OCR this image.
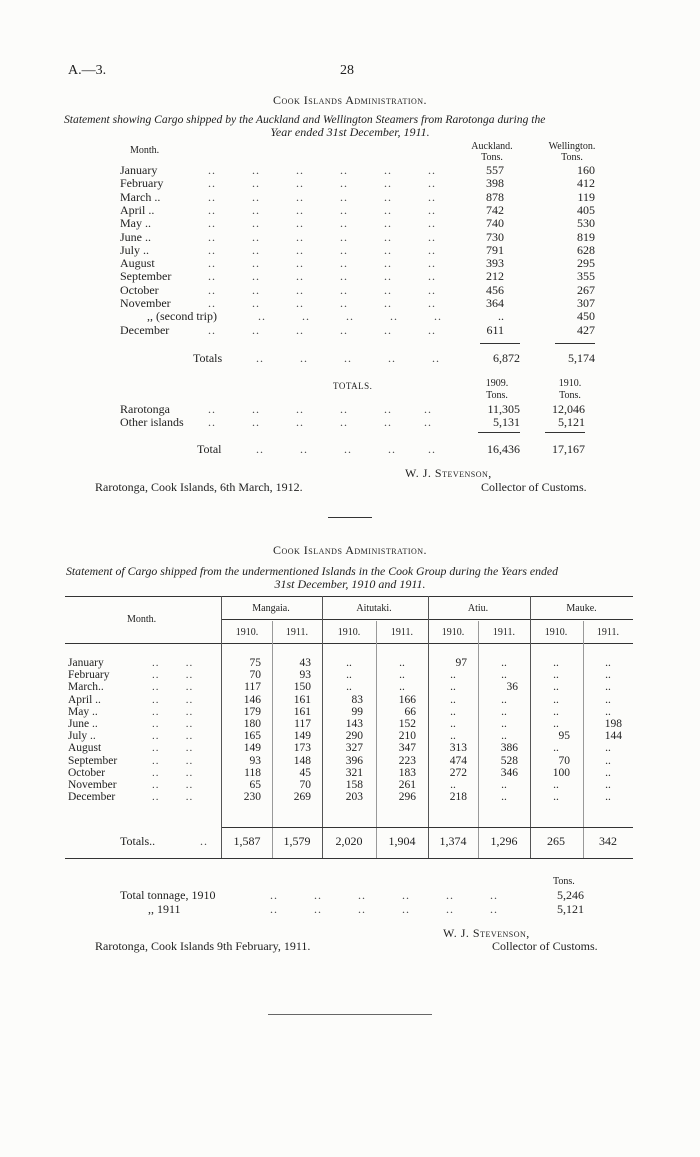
A.—3.	28
Cook Islands Administration.
Statement showing Cargo shipped by the Auckland and Wellington Steamers from Rarotonga during the
Year ended 31st December, 1911.
Month.	Auckland.
Tons.
Wellington.
Tons.
January	..         ..         ..         ..         ..         ..	557	160
February	..         ..         ..         ..         ..         ..	398	412
March ..	..         ..         ..         ..         ..         ..	878	119
April ..	..         ..         ..         ..         ..         ..	742	405
May ..	..         ..         ..         ..         ..         ..	740	530
June ..	..         ..         ..         ..         ..         ..	730	819
July ..	..         ..         ..         ..         ..         ..	791	628
August	..         ..         ..         ..         ..         ..	393	295
September	..         ..         ..         ..         ..         ..	212	355
October	..         ..         ..         ..         ..         ..	456	267
November	..         ..         ..         ..         ..         ..	364	307
,, (second trip)	..         ..         ..         ..         ..	..	450
December	..         ..         ..         ..         ..         ..	611	427
Totals	..         ..         ..         ..         ..	6,872	5,174
TOTALS.	1909.
Tons.
1910.
Tons.
Rarotonga	..         ..         ..         ..         ..        ..	11,305	12,046
Other islands ..         ..         ..         ..         ..        ..	5,131	5,121
Total	..         ..         ..         ..        ..	16,436	17,167
W. J. Stevenson,
Rarotonga, Cook Islands, 6th March, 1912.	Collector of Customs.
Cook Islands Administration.
Statement of Cargo shipped from the undermentioned Islands in the Cook Group during the Years ended
31st December, 1910 and 1911.
Month.
Mangaia.	Aitutaki.	Atiu.	Mauke.
1910.	1911.	1910.	1911.	1910.	1911.	1910.	1911.
January	..       ..	75	43	..	..	97	..	..	..
February	..       ..	70	93	..	..	..	..	..	..
March..	..       ..	117	150	..	..	..	36	..	..
April ..	..       ..	146	161	83	166	..	..	..	..
May ..	..       ..	179	161	99	66	..	..	..	..
June ..	..       ..	180	117	143	152	..	..	..	198
July ..	..       ..	165	149	290	210	..	..	95	144
August	..       ..	149	173	327	347	313	386	..	..
September	..       ..	93	148	396	223	474	528	70	..
October	..       ..	118	45	321	183	272	346	100	..
November	..       ..	65	70	158	261	..	..	..	..
December	..       ..	230	269	203	296	218	..	..	..
Totals..	..	1,587	1,579	2,020	1,904	1,374	1,296	265	342
Tons.
Total tonnage, 1910	..         ..         ..         ..         ..         ..	5,246
,, 1911	..         ..         ..         ..         ..         ..	5,121
W. J. Stevenson,
Rarotonga, Cook Islands 9th February, 1911.	Collector of Customs.
